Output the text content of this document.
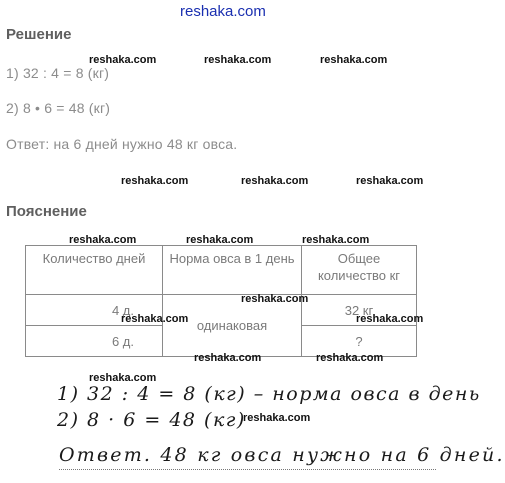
reshaka.com
Решение
1) 32 : 4 = 8 (кг)
2) 8 • 6 = 48 (кг)
Ответ: на 6 дней нужно 48 кг овса.
Пояснение
Количество дней	Норма овса в 1 день	Общее количество кг
4 д.	одинаковая	32 кг
6 д.		?
1) 32 : 4 = 8 (кг) – норма овса в день
2) 8 · 6 = 48 (кг)
Ответ. 48 кг овса нужно на 6 дней.
reshaka.com	reshaka.com	reshaka.com
reshaka.com	reshaka.com	reshaka.com
reshaka.com	reshaka.com	reshaka.com
reshaka.com
reshaka.com	reshaka.com
reshaka.com	reshaka.com
reshaka.com
reshaka.com
